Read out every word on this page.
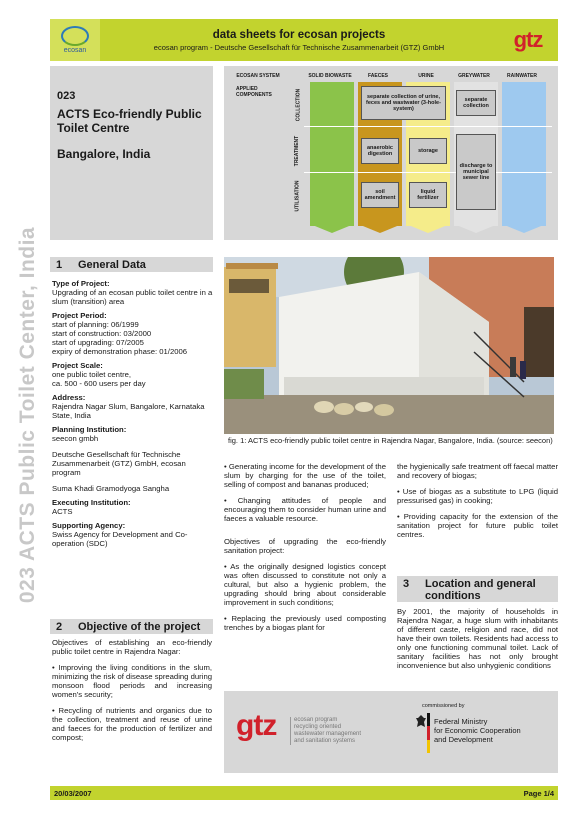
023 ACTS Public Toilet Center, India
ecosan
data sheets for ecosan projects
ecosan program - Deutsche Gesellschaft für Technische Zusammenarbeit (GTZ) GmbH	gtz
023
ACTS Eco-friendly Public Toilet Centre
Bangalore, India
ECOSAN SYSTEM	SOLID BIOWASTE	FAECES	URINE	GREYWATER	RAINWATER
APPLIED COMPONENTS	COLLECTION
TREATMENT
UTILISATION
separate collection of urine, feces and wastwater (3-hole-system)
separate collection
anaerobic digestion	storage
discharge to municipal sewer line
soil amendment
liquid fertilizer
1	General Data

Type of Project:

Upgrading of an ecosan public toilet centre in a slum (transition) area

Project Period:

start of planning: 06/1999

start of construction: 03/2000

start of upgrading: 07/2005

expiry of demonstration phase: 01/2006

Project Scale:

one public toilet centre,

ca. 500 - 600 users per day

Address:

Rajendra Nagar Slum, Bangalore, Karnataka State, India

Planning Institution:

seecon gmbh

Deutsche Gesellschaft für Technische Zusammenarbeit (GTZ) GmbH, ecosan program

Suma Khadi Gramodyoga Sangha

Executing Institution:

ACTS

Supporting Agency:

Swiss Agency for Development and Co-operation (SDC)

2	Objective of the project

Objectives of establishing an eco-friendly public toilet centre in Rajendra Nagar:

• Improving the living conditions in the slum, minimizing the risk of disease spreading during monsoon flood periods and increasing women's security;

• Recycling of nutrients and organics due to the collection, treatment and reuse of urine and faeces for the production of fertilizer and compost;

fig. 1: ACTS eco-friendly public toilet centre in Rajendra Nagar, Bangalore, India. (source: seecon)

• Generating income for the development of the slum by charging for the use of the toilet, selling of compost and bananas produced;

• Changing attitudes of people and encouraging them to consider human urine and faeces a valuable resource.

Objectives of upgrading the eco-friendly sanitation project:

• As the originally designed logistics concept was often discussed to constitute not only a cultural, but also a hygienic problem, the upgrading should bring about considerable improvement in such conditions;

• Replacing the previously used composting trenches by a biogas plant for

the hygienically safe treatment off faecal matter and recovery of biogas;

• Use of biogas as a substitute to LPG (liquid pressurised gas) in cooking;

• Providing capacity for the extension of the sanitation project for future public toilet centres.

3	Location and general conditions
By 2001, the majority of households in Rajendra Nagar, a huge slum with inhabitants of different caste, religion and race, did not have their own toilets. Residents had access to only one functioning communal toilet. Lack of sanitary facilities has not only brought inconvenience but also unhygienic conditions
gtz	ecosan program
recycling oriented
wastewater management
and sanitation systems
commissioned by
Federal Ministry
for Economic Cooperation
and Development
20/03/2007	Page 1/4
